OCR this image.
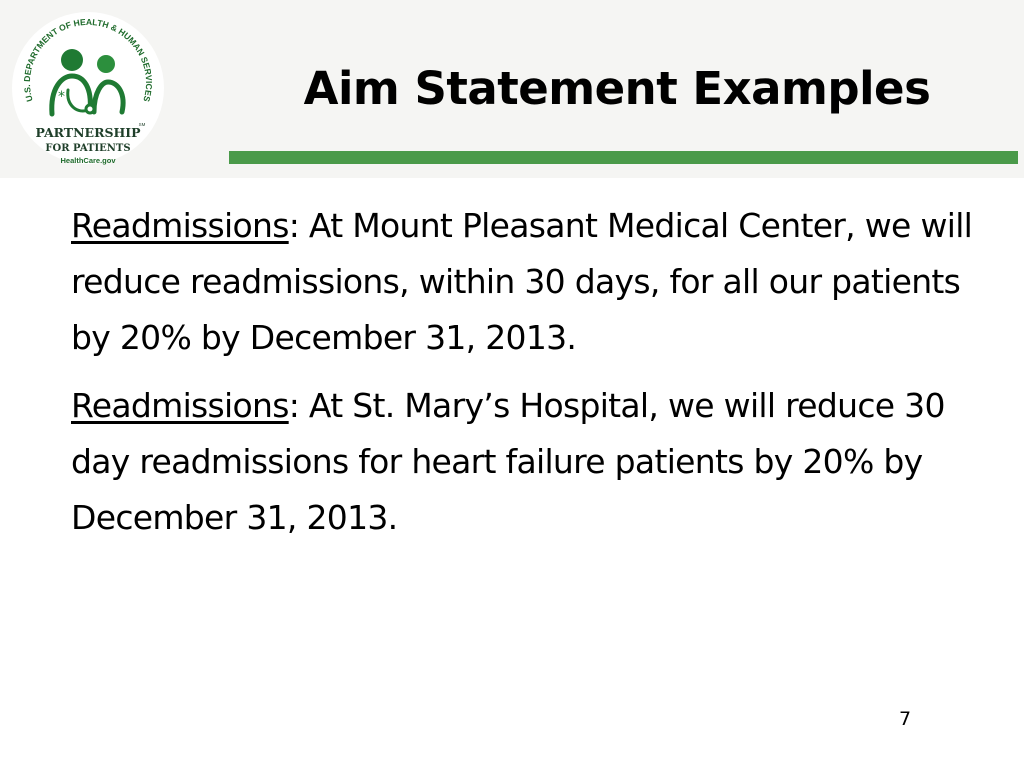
U.S. DEPARTMENT OF HEALTH & HUMAN SERVICES
*
PARTNERSHIP
FOR PATIENTS
SM
HealthCare.gov
Aim Statement Examples

Readmissions: At Mount Pleasant Medical Center, we will reduce readmissions, within 30 days, for all our patients by 20% by December 31, 2013.

Readmissions: At St. Mary’s Hospital, we will reduce 30 day readmissions for heart failure patients by 20% by December 31, 2013.

7
